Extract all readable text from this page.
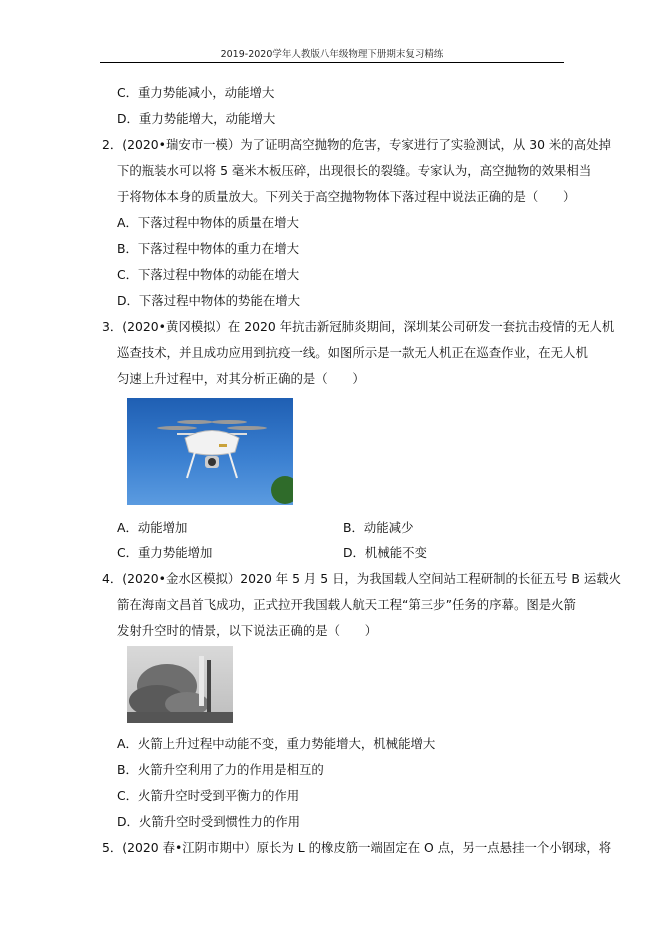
2019-2020学年人教版八年级物理下册期末复习精练
C．重力势能减小，动能增大
D．重力势能增大，动能增大
2．(2020•瑞安市一模）为了证明高空抛物的危害，专家进行了实验测试，从 30 米的高处掉
下的瓶装水可以将 5 毫米木板压碎，出现很长的裂缝。专家认为，高空抛物的效果相当
于将物体本身的质量放大。下列关于高空抛物物体下落过程中说法正确的是（　　）
A．下落过程中物体的质量在增大
B．下落过程中物体的重力在增大
C．下落过程中物体的动能在增大
D．下落过程中物体的势能在增大
3．(2020•黄冈模拟）在 2020 年抗击新冠肺炎期间，深圳某公司研发一套抗击疫情的无人机
巡查技术，并且成功应用到抗疫一线。如图所示是一款无人机正在巡查作业，在无人机
匀速上升过程中，对其分析正确的是（　　）
A．动能增加	B．动能减少
C．重力势能增加	D．机械能不变
4．(2020•金水区模拟）2020 年 5 月 5 日，为我国载人空间站工程研制的长征五号 B 运载火
箭在海南文昌首飞成功，正式拉开我国载人航天工程“第三步”任务的序幕。图是火箭
发射升空时的情景，以下说法正确的是（　　）
A．火箭上升过程中动能不变，重力势能增大，机械能增大
B．火箭升空利用了力的作用是相互的
C．火箭升空时受到平衡力的作用
D．火箭升空时受到惯性力的作用
5．(2020 春•江阴市期中）原长为 L 的橡皮筋一端固定在 O 点，另一点悬挂一个小钢球，将
